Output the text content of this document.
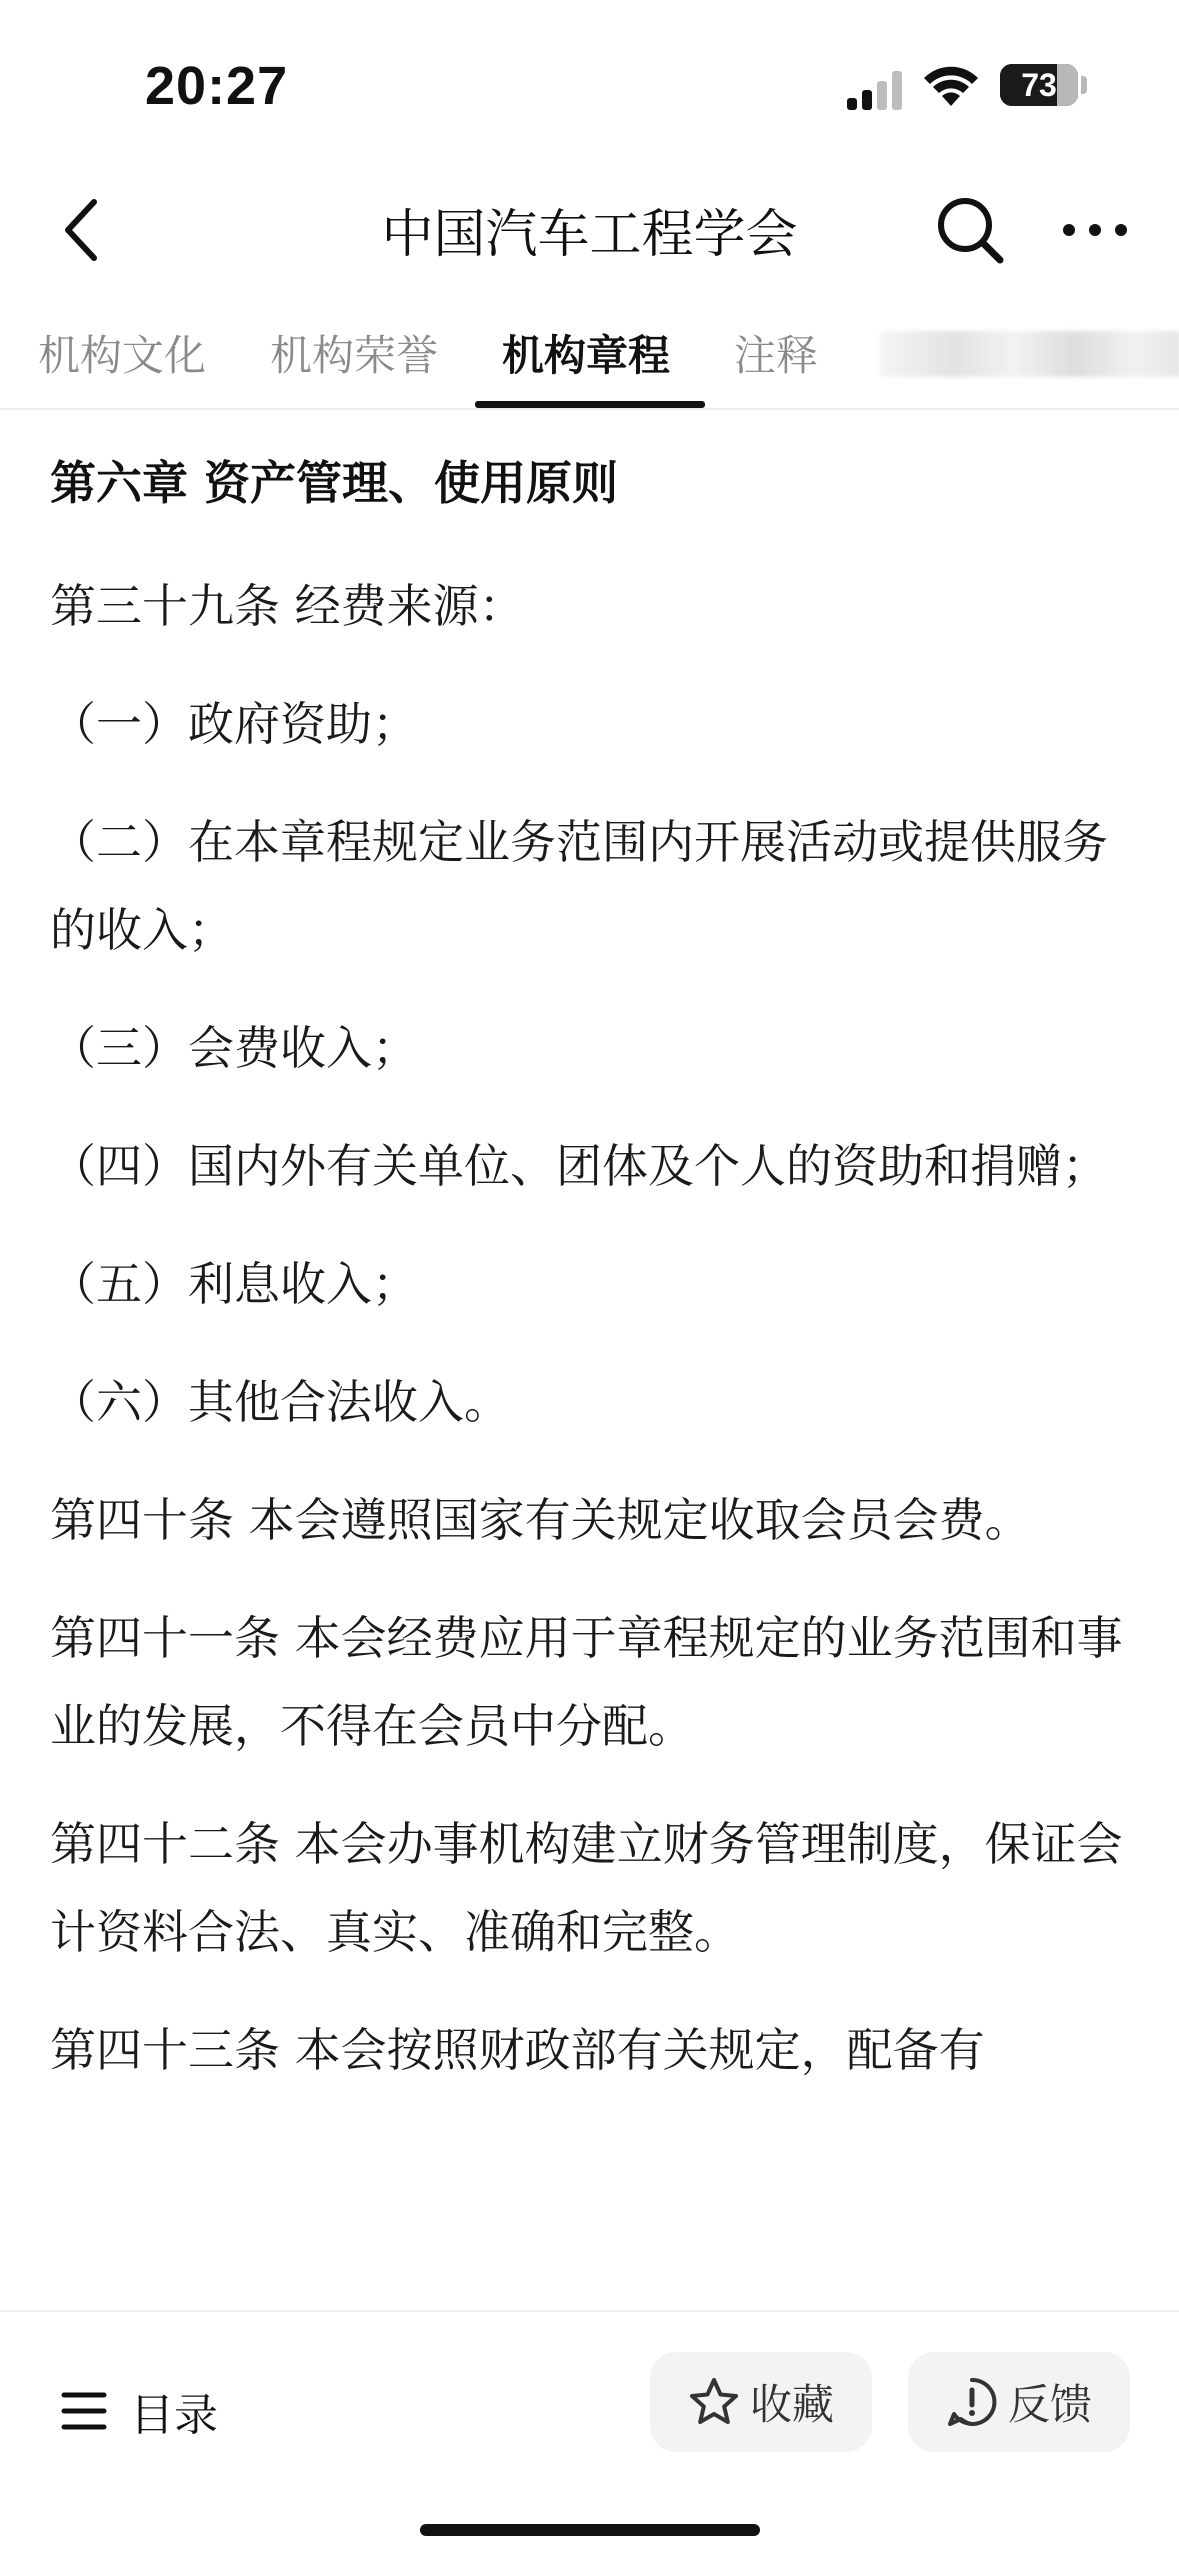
20:27	73
中国汽车工程学会
机构文化 机构荣誉 机构章程 注释
第六章 资产管理、使用原则

第三十九条 经费来源：

（一）政府资助；

（二）在本章程规定业务范围内开展活动或提供服务的收入；

（三）会费收入；

（四）国内外有关单位、团体及个人的资助和捐赠；

（五）利息收入；

（六）其他合法收入。

第四十条 本会遵照国家有关规定收取会员会费。

第四十一条 本会经费应用于章程规定的业务范围和事业的发展，不得在会员中分配。

第四十二条 本会办事机构建立财务管理制度，保证会计资料合法、真实、准确和完整。

第四十三条 本会按照财政部有关规定，配备有

目录	收藏	反馈
